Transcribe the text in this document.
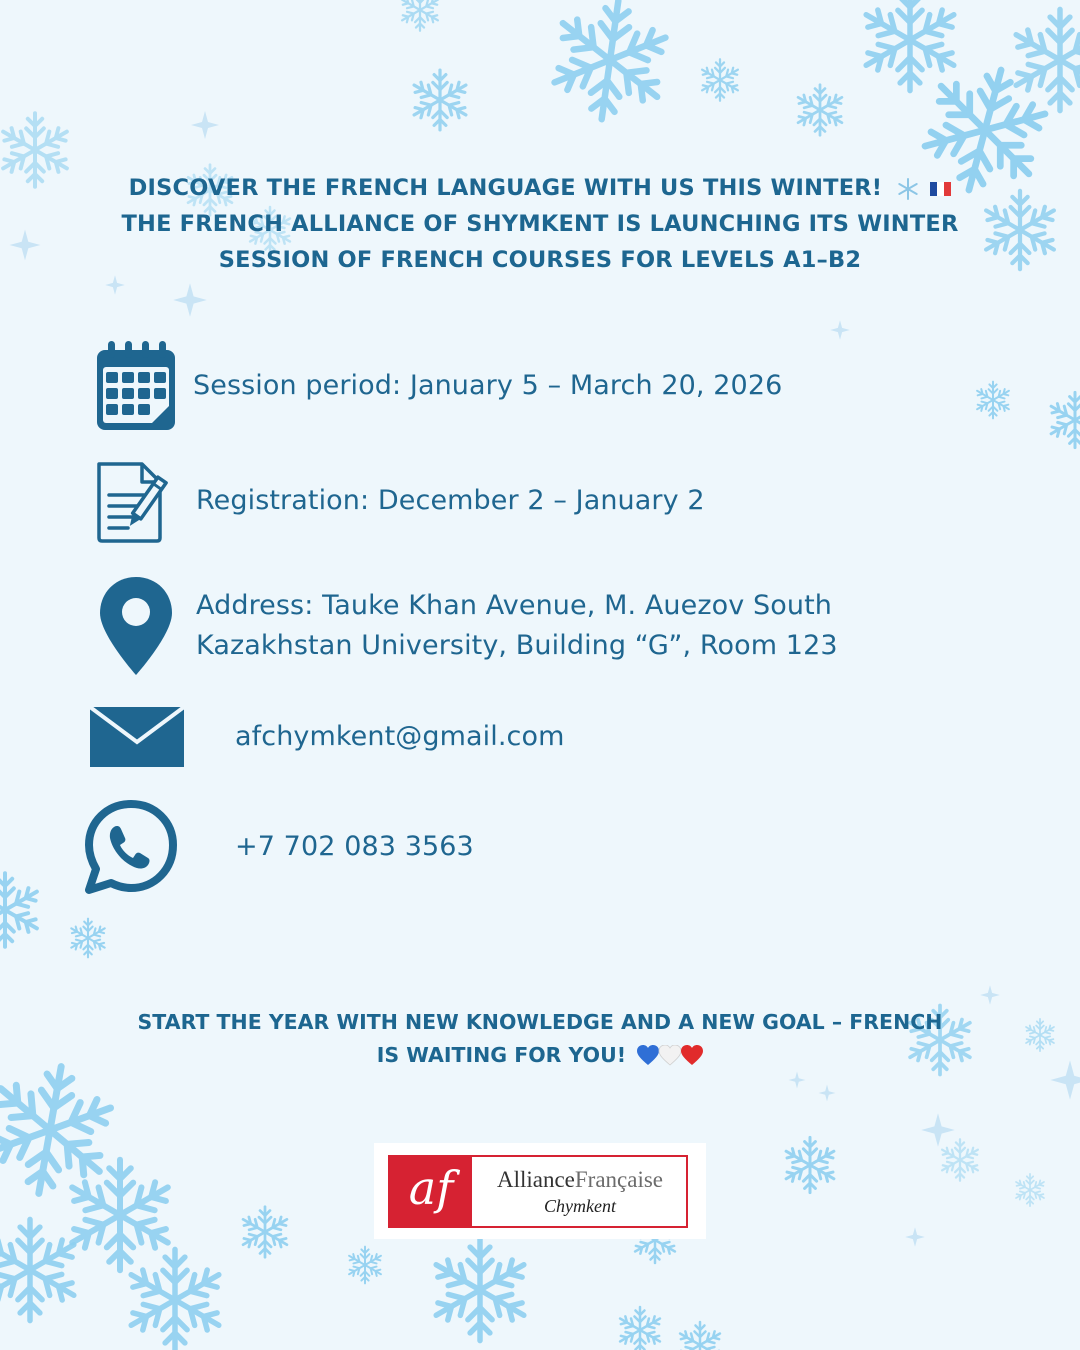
DISCOVER THE FRENCH LANGUAGE WITH US THIS WINTER!
THE FRENCH ALLIANCE OF SHYMKENT IS LAUNCHING ITS WINTER
SESSION OF FRENCH COURSES FOR LEVELS A1–B2
Session period: January 5 – March 20, 2026
Registration: December 2 – January 2
Address: Tauke Khan Avenue, M. Auezov South
Kazakhstan University, Building “G”, Room 123
afchymkent@gmail.com
+7 702 083 3563
START THE YEAR WITH NEW KNOWLEDGE AND A NEW GOAL – FRENCH
IS WAITING FOR YOU!
af	AllianceFrançaise
Chymkent
